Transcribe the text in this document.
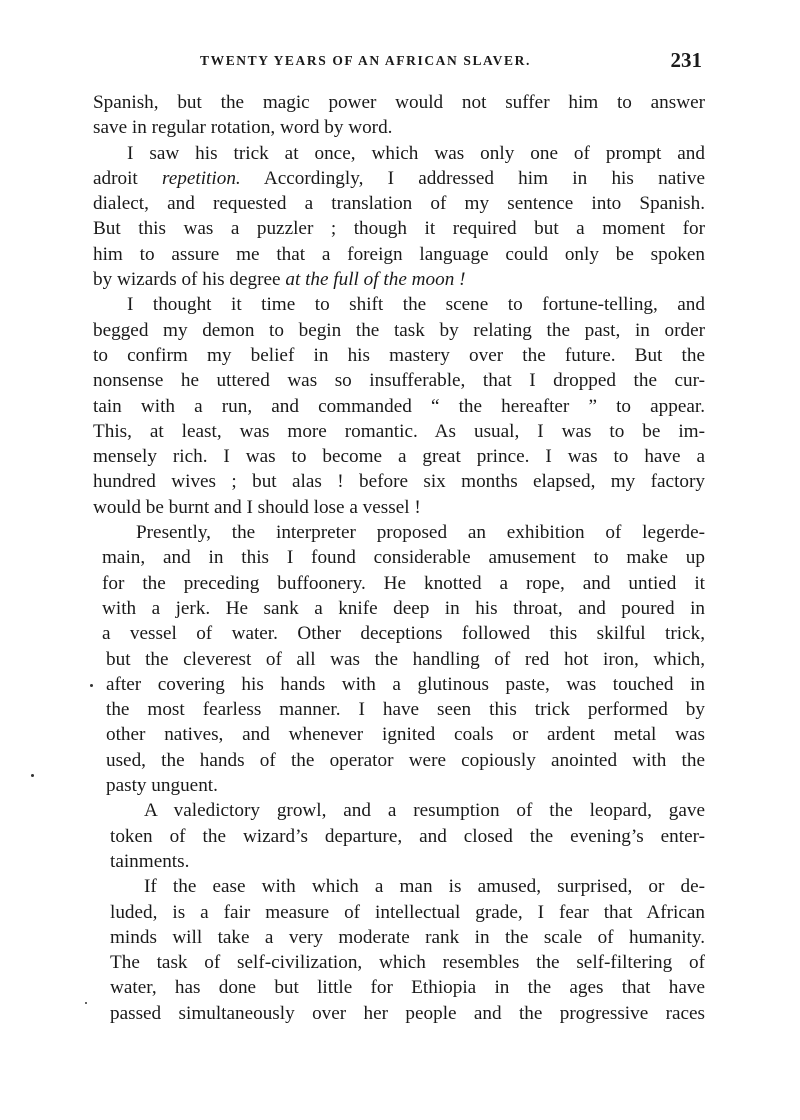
TWENTY YEARS OF AN AFRICAN SLAVER.	231
Spanish, but the magic power would not suffer him to answer
save in regular rotation, word by word.
I saw his trick at once, which was only one of prompt and
adroit repetition. Accordingly, I addressed him in his native
dialect, and requested a translation of my sentence into Spanish.
But this was a puzzler ; though it required but a moment for
him to assure me that a foreign language could only be spoken
by wizards of his degree at the full of the moon !
I thought it time to shift the scene to fortune-telling, and
begged my demon to begin the task by relating the past, in order
to confirm my belief in his mastery over the future. But the
nonsense he uttered was so insufferable, that I dropped the cur-
tain with a run, and commanded “ the hereafter ” to appear.
This, at least, was more romantic. As usual, I was to be im-
mensely rich. I was to become a great prince. I was to have a
hundred wives ; but alas ! before six months elapsed, my factory
would be burnt and I should lose a vessel !
Presently, the interpreter proposed an exhibition of legerde-
main, and in this I found considerable amusement to make up
for the preceding buffoonery. He knotted a rope, and untied it
with a jerk. He sank a knife deep in his throat, and poured in
a vessel of water. Other deceptions followed this skilful trick,
but the cleverest of all was the handling of red hot iron, which,
after covering his hands with a glutinous paste, was touched in
the most fearless manner. I have seen this trick performed by
other natives, and whenever ignited coals or ardent metal was
used, the hands of the operator were copiously anointed with the
pasty unguent.
A valedictory growl, and a resumption of the leopard, gave
token of the wizard’s departure, and closed the evening’s enter-
tainments.
If the ease with which a man is amused, surprised, or de-
luded, is a fair measure of intellectual grade, I fear that African
minds will take a very moderate rank in the scale of humanity.
The task of self-civilization, which resembles the self-filtering of
water, has done but little for Ethiopia in the ages that have
passed simultaneously over her people and the progressive races
